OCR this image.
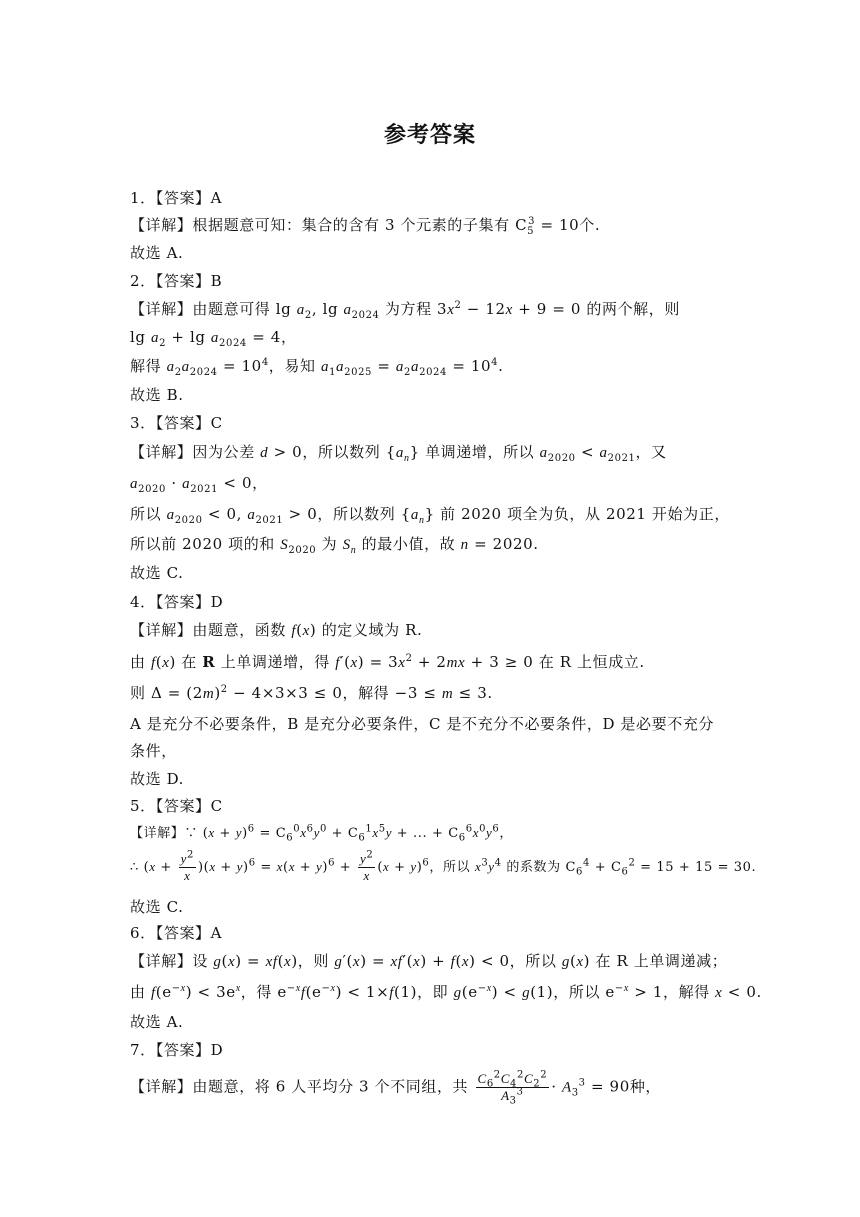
参考答案
1．【答案】A
【详解】根据题意可知：集合的含有 3 个元素的子集有 $C_5^3 = 10$个.
故选 A.
2．【答案】B
【详解】由题意可得 $\lg a_2$, $\lg a_{2024}$ 为方程 $3x^2 - 12x + 9 = 0$ 的两个解，则
$\lg a_2 + \lg a_{2024} = 4$，
解得 $a_2a_{2024} = 10^4$，易知 $a_1a_{2025} = a_2a_{2024} = 10^4$.
故选 B.
3．【答案】C
【详解】因为公差 d > 0，所以数列 $\{a_n\}$ 单调递增，所以 $a_{2020} < a_{2021}$，又
$a_{2020} \cdot a_{2021} < 0$，
所以 $a_{2020} < 0$, $a_{2021} > 0$，所以数列 $\{a_n\}$ 前 2020 项全为负，从 2021 开始为正，
所以前 2020 项的和 $S_{2020}$ 为 $S_n$ 的最小值，故 n = 2020.
故选 C.
4．【答案】D
【详解】由题意，函数 f(x) 的定义域为 R.
由 f(x) 在 R 上单调递增，得 $f'(x) = 3x^2 + 2mx + 3 \ge 0$ 在 R 上恒成立.
则 $\Delta = (2m)^2 - 4\times 3\times 3 \le 0$，解得 −3 ≤ m ≤ 3.
A 是充分不必要条件，B 是充分必要条件，C 是不充分不必要条件，D 是必要不充分
条件，
故选 D.
5．【答案】C
【详解】∵ $(x + y)^6 = C_6^0x^6y^0 + C_6^1x^5y$ + ... + $C_6^6x^0y^6$，
∴ $(x + \frac{y^2}{x} )(x + y)^6 = x(x + y)^6 + \frac{y^2}{x} (x + y)^6$，所以 $x^3y^4$ 的系数为 $C_6^4 + C_6^2 = 15 + 15 = 30$.
故选 C.
6．【答案】A
【详解】设 g(x) = xf(x)，则 g′(x) = xf′(x) + f(x) < 0，所以 g(x) 在 R 上单调递减；
由 $f(e^{-x}) < 3e^x$，得 $e^{-x}f(e^{-x}) < 1\times f(1)$，即 $g(e^{-x}) < g(1)$，所以 $e^{-x} > 1$，解得 x < 0.
故选 A.
7．【答案】D
【详解】由题意，将 6 人平均分 3 个不同组，共 $\frac{C_6^2C_4^2C_2^2}{A_3^3} \cdot A_3^3 = 90$种，
